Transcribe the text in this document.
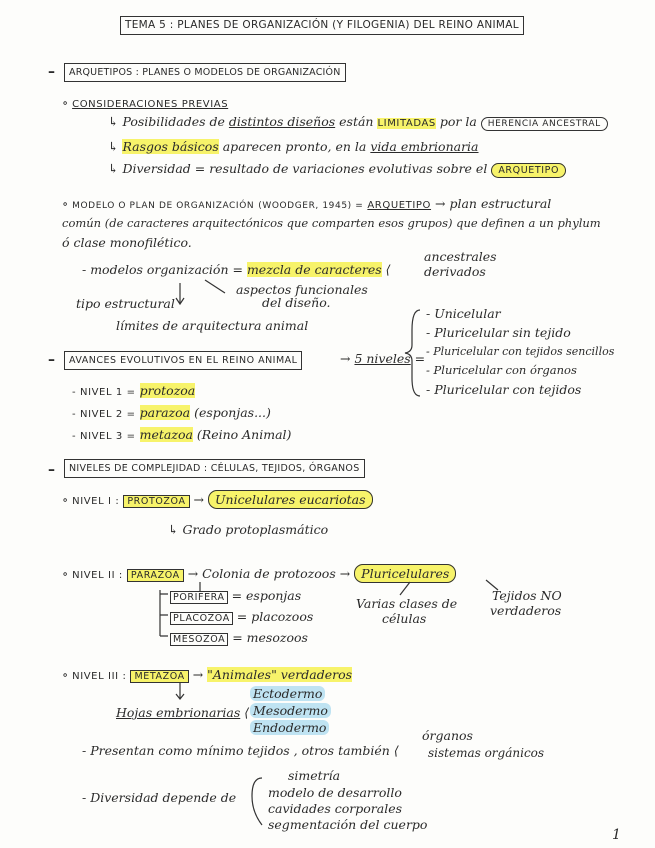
TEMA 5 : PLANES DE ORGANIZACIÓN (Y FILOGENIA) DEL REINO ANIMAL
–	ARQUETIPOS : PLANES O MODELOS DE ORGANIZACIÓN
∘ CONSIDERACIONES PREVIAS
↳ Posibilidades de distintos diseños están LIMITADAS por la HERENCIA ANCESTRAL
↳ Rasgos básicos aparecen pronto, en la vida embrionaria
↳ Diversidad = resultado de variaciones evolutivas sobre el ARQUETIPO
∘ MODELO O PLAN DE ORGANIZACIÓN (WOODGER, 1945) = ARQUETIPO → plan estructural
común (de caracteres arquitectónicos que comparten esos grupos) que definen a un phylum
ó clase monofilético.
- modelos organización = mezcla de caracteres ⟨
ancestrales
derivados
aspectos funcionales
del diseño.
tipo estructural
límites de arquitectura animal
–	AVANCES EVOLUTIVOS EN EL REINO ANIMAL	→ 5 niveles =
- Unicelular
- Pluricelular sin tejido
- Pluricelular con tejidos sencillos
- Pluricelular con órganos
- Pluricelular con tejidos
- NIVEL 1 = protozoa
- NIVEL 2 = parazoa (esponjas...)
- NIVEL 3 = metazoa (Reino Animal)
–	NIVELES DE COMPLEJIDAD : CÉLULAS, TEJIDOS, ÓRGANOS
∘ NIVEL I : PROTOZOA → Unicelulares eucariotas
↳ Grado protoplasmático
∘ NIVEL II : PARAZOA → Colonia de protozoos → Pluricelulares
PORIFERA = esponjas
PLACOZOA = placozoos
MESOZOA = mesozoos
Varias clases de
células
Tejidos NO
verdaderos
∘ NIVEL III : METAZOA → "Animales" verdaderos
Hojas embrionarias ⟨
Ectodermo
Mesodermo
Endodermo
- Presentan como mínimo tejidos , otros también ⟨
órganos
sistemas orgánicos
- Diversidad depende de
simetría
modelo de desarrollo
cavidades corporales
segmentación del cuerpo
1
